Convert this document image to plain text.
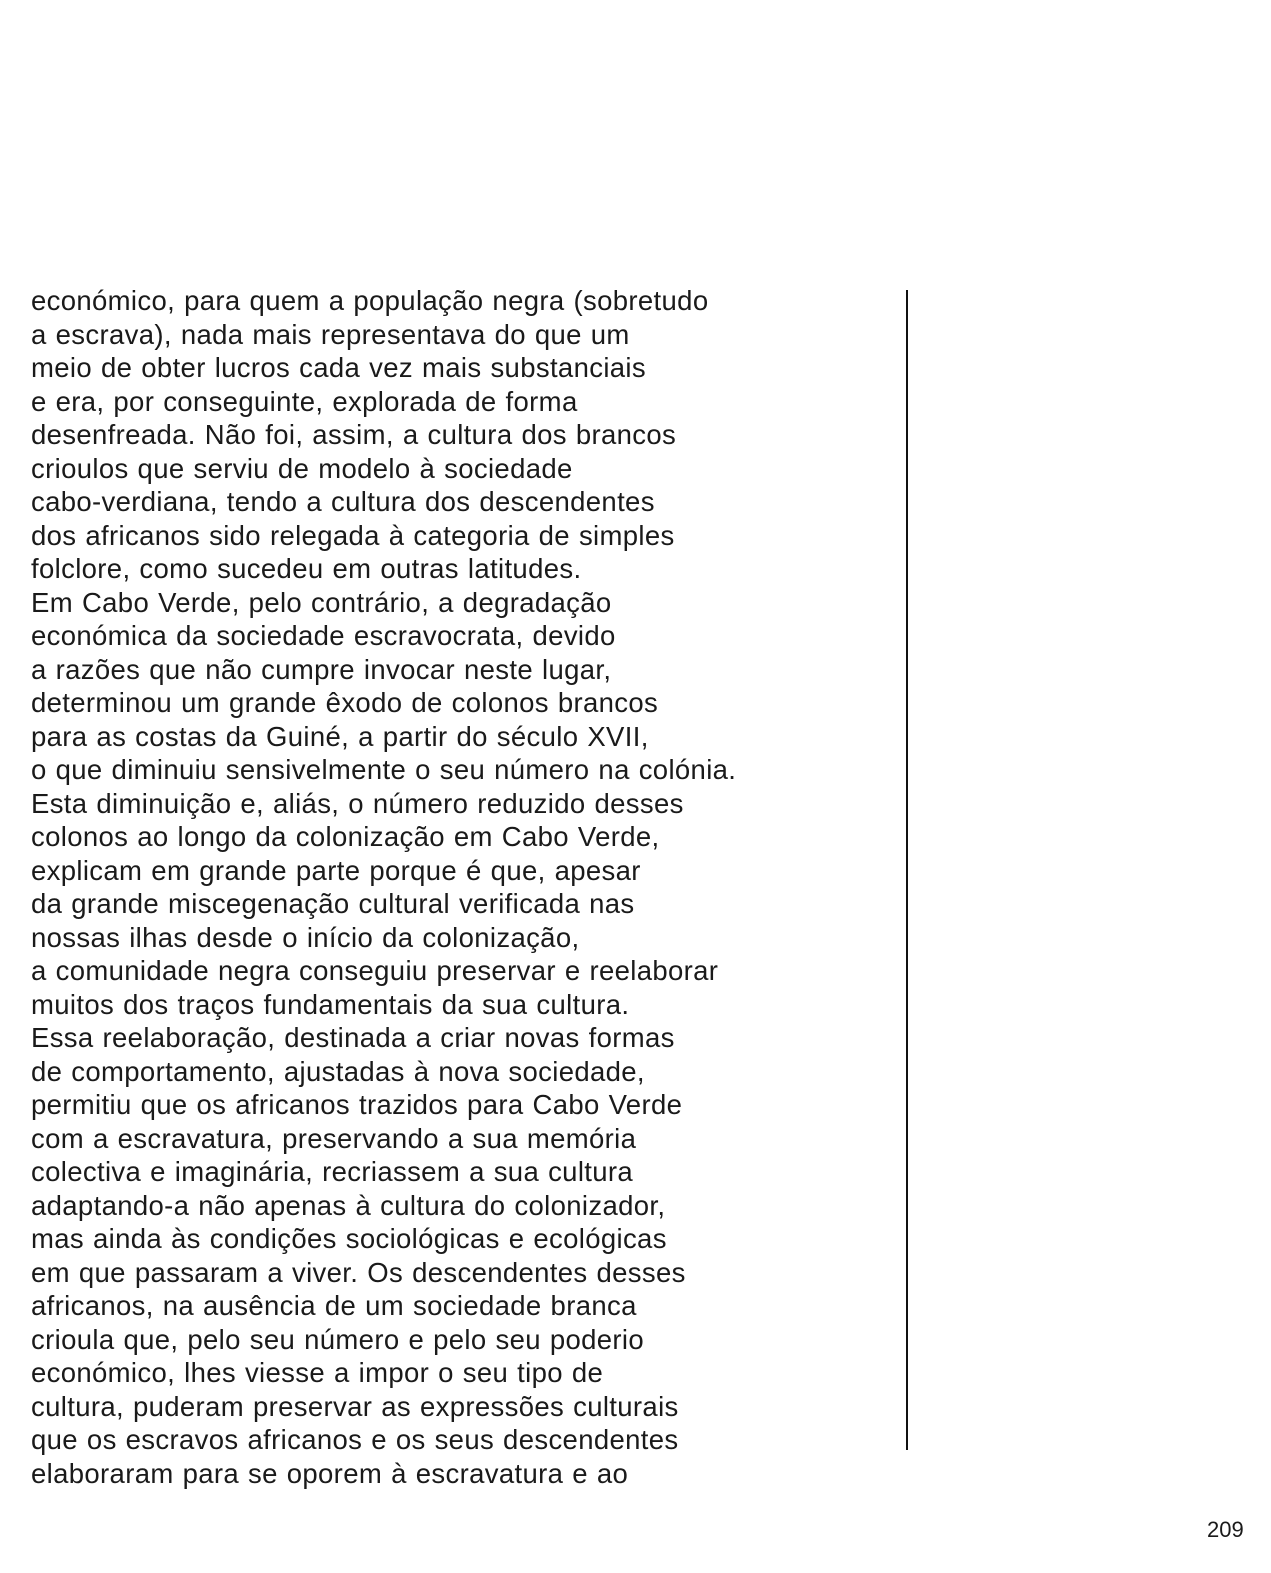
económico, para quem a população negra (sobretudo
a escrava), nada mais representava do que um
meio de obter lucros cada vez mais substanciais
e era, por conseguinte, explorada de forma
desenfreada. Não foi, assim, a cultura dos brancos
crioulos que serviu de modelo à sociedade
cabo-verdiana, tendo a cultura dos descendentes
dos africanos sido relegada à categoria de simples
folclore, como sucedeu em outras latitudes.
Em Cabo Verde, pelo contrário, a degradação
económica da sociedade escravocrata, devido
a razões que não cumpre invocar neste lugar,
determinou um grande êxodo de colonos brancos
para as costas da Guiné, a partir do século XVII,
o que diminuiu sensivelmente o seu número na colónia.
Esta diminuição e, aliás, o número reduzido desses
colonos ao longo da colonização em Cabo Verde,
explicam em grande parte porque é que, apesar
da grande miscegenação cultural verificada nas
nossas ilhas desde o início da colonização,
a comunidade negra conseguiu preservar e reelaborar
muitos dos traços fundamentais da sua cultura.
Essa reelaboração, destinada a criar novas formas
de comportamento, ajustadas à nova sociedade,
permitiu que os africanos trazidos para Cabo Verde
com a escravatura, preservando a sua memória
colectiva e imaginária, recriassem a sua cultura
adaptando-a não apenas à cultura do colonizador,
mas ainda às condições sociológicas e ecológicas
em que passaram a viver. Os descendentes desses
africanos, na ausência de um sociedade branca
crioula que, pelo seu número e pelo seu poderio
económico, lhes viesse a impor o seu tipo de
cultura, puderam preservar as expressões culturais
que os escravos africanos e os seus descendentes
elaboraram para se oporem à escravatura e ao
209
